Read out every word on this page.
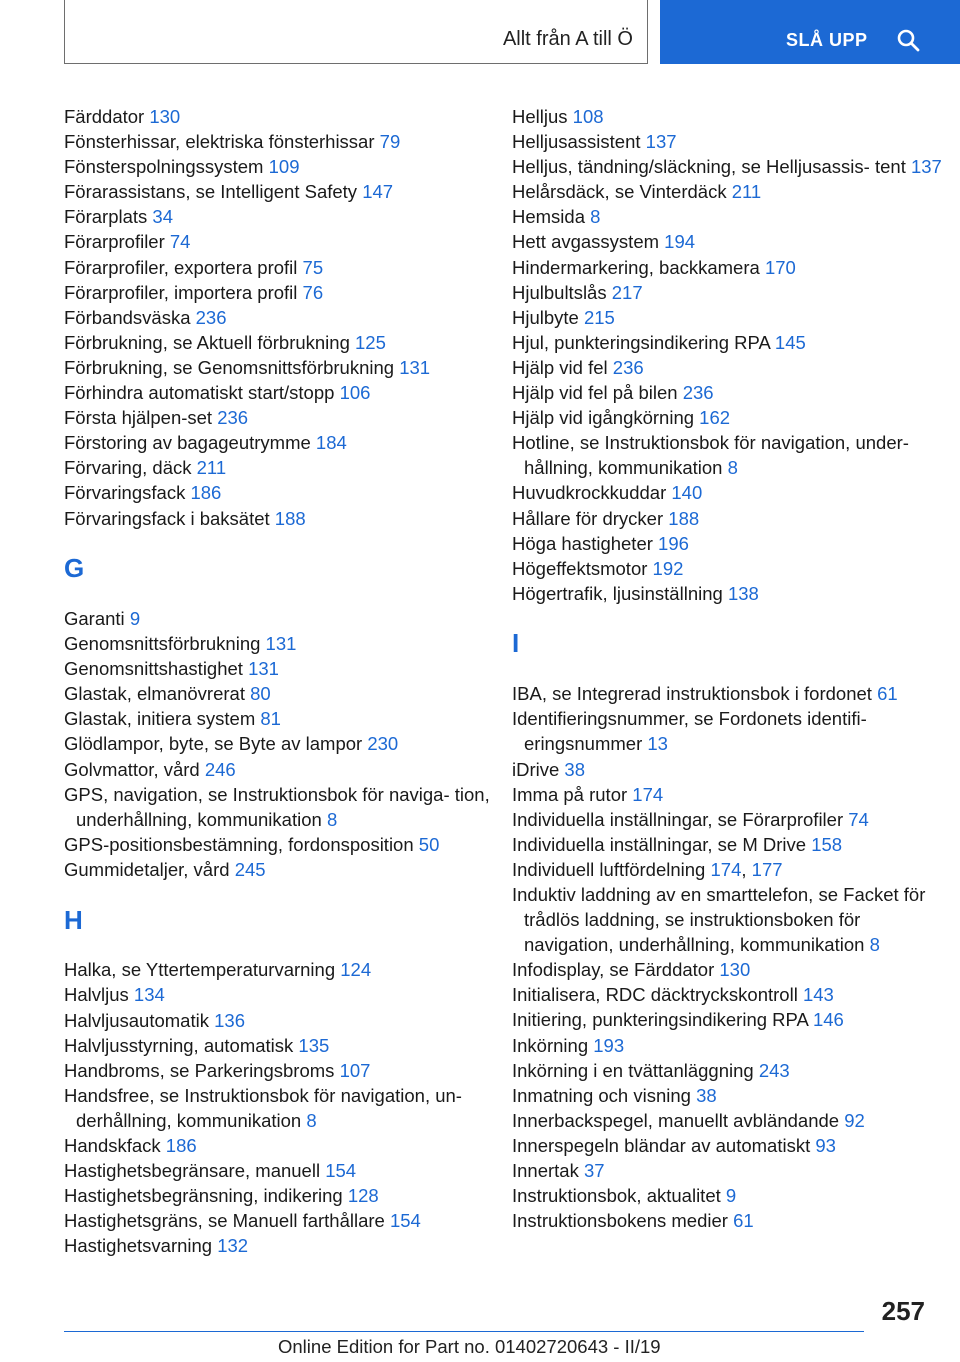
Allt från A till Ö	SLÅ UPP
Färddator 130
Fönsterhissar, elektriska fönsterhissar 79
Fönsterspolningssystem 109
Förarassistans, se Intelligent Safety 147
Förarplats 34
Förarprofiler 74
Förarprofiler, exportera profil 75
Förarprofiler, importera profil 76
Förbandsväska 236
Förbrukning, se Aktuell förbrukning 125
Förbrukning, se Genomsnittsförbrukning 131
Förhindra automatiskt start/stopp 106
Första hjälpen-set 236
Förstoring av bagageutrymme 184
Förvaring, däck 211
Förvaringsfack 186
Förvaringsfack i baksätet 188
G
Garanti 9
Genomsnittsförbrukning 131
Genomsnittshastighet 131
Glastak, elmanövrerat 80
Glastak, initiera system 81
Glödlampor, byte, se Byte av lampor 230
Golvmattor, vård 246
GPS, navigation, se Instruktionsbok för naviga‐ tion, underhållning, kommunikation 8
GPS-positionsbestämning, fordonsposition 50
Gummidetaljer, vård 245
H
Halka, se Yttertemperaturvarning 124
Halvljus 134
Halvljusautomatik 136
Halvljusstyrning, automatisk 135
Handbroms, se Parkeringsbroms 107
Handsfree, se Instruktionsbok för navigation, un‐ derhållning, kommunikation 8
Handskfack 186
Hastighetsbegränsare, manuell 154
Hastighetsbegränsning, indikering 128
Hastighetsgräns, se Manuell farthållare 154
Hastighetsvarning 132
Helljus 108
Helljusassistent 137
Helljus, tändning/släckning, se Helljusassis‐ tent 137
Helårsdäck, se Vinterdäck 211
Hemsida 8
Hett avgassystem 194
Hindermarkering, backkamera 170
Hjulbultslås 217
Hjulbyte 215
Hjul, punkteringsindikering RPA 145
Hjälp vid fel 236
Hjälp vid fel på bilen 236
Hjälp vid igångkörning 162
Hotline, se Instruktionsbok för navigation, under‐ hållning, kommunikation 8
Huvudkrockkuddar 140
Hållare för drycker 188
Höga hastigheter 196
Högeffektsmotor 192
Högertrafik, ljusinställning 138
I
IBA, se Integrerad instruktionsbok i fordonet 61
Identifieringsnummer, se Fordonets identifi‐ eringsnummer 13
iDrive 38
Imma på rutor 174
Individuella inställningar, se Förarprofiler 74
Individuella inställningar, se M Drive 158
Individuell luftfördelning 174, 177
Induktiv laddning av en smarttelefon, se Facket för trådlös laddning, se instruktionsboken för navigation, underhållning, kommunikation 8
Infodisplay, se Färddator 130
Initialisera, RDC däcktryckskontroll 143
Initiering, punkteringsindikering RPA 146
Inkörning 193
Inkörning i en tvättanläggning 243
Inmatning och visning 38
Innerbackspegel, manuellt avbländande 92
Innerspegeln bländar av automatiskt 93
Innertak 37
Instruktionsbok, aktualitet 9
Instruktionsbokens medier 61
257
Online Edition for Part no. 01402720643 - II/19
